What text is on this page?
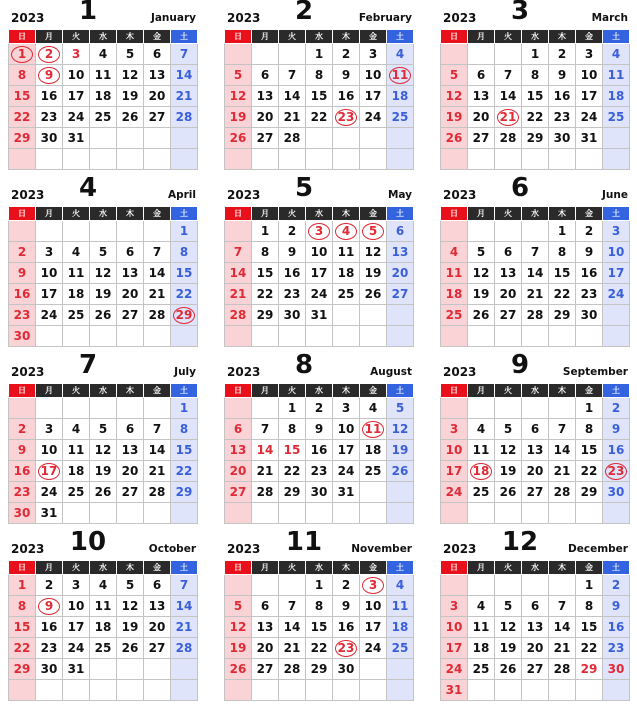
2023	1	January
日	月	火	水	木	金	土
1	2	3	4	5	6	7
8	9	10	11	12	13	14
15	16	17	18	19	20	21
22	23	24	25	26	27	28
29	30	31				

2023	2	February
日	月	火	水	木	金	土
			1	2	3	4
5	6	7	8	9	10	11
12	13	14	15	16	17	18
19	20	21	22	23	24	25
26	27	28				

2023	3	March
日	月	火	水	木	金	土
			1	2	3	4
5	6	7	8	9	10	11
12	13	14	15	16	17	18
19	20	21	22	23	24	25
26	27	28	29	30	31	

2023	4	April
日	月	火	水	木	金	土
						1
2	3	4	5	6	7	8
9	10	11	12	13	14	15
16	17	18	19	20	21	22
23	24	25	26	27	28	29
30						
2023	5	May
日	月	火	水	木	金	土
	1	2	3	4	5	6
7	8	9	10	11	12	13
14	15	16	17	18	19	20
21	22	23	24	25	26	27
28	29	30	31			

2023	6	June
日	月	火	水	木	金	土
				1	2	3
4	5	6	7	8	9	10
11	12	13	14	15	16	17
18	19	20	21	22	23	24
25	26	27	28	29	30	

2023	7	July
日	月	火	水	木	金	土
						1
2	3	4	5	6	7	8
9	10	11	12	13	14	15
16	17	18	19	20	21	22
23	24	25	26	27	28	29
30	31					
2023	8	August
日	月	火	水	木	金	土
		1	2	3	4	5
6	7	8	9	10	11	12
13	14	15	16	17	18	19
20	21	22	23	24	25	26
27	28	29	30	31		

2023	9	September
日	月	火	水	木	金	土
					1	2
3	4	5	6	7	8	9
10	11	12	13	14	15	16
17	18	19	20	21	22	23
24	25	26	27	28	29	30

2023 10	October
日	月	火	水	木	金	土
1	2	3	4	5	6	7
8	9	10	11	12	13	14
15	16	17	18	19	20	21
22	23	24	25	26	27	28
29	30	31				

2023 11	November
日	月	火	水	木	金	土
			1	2	3	4
5	6	7	8	9	10	11
12	13	14	15	16	17	18
19	20	21	22	23	24	25
26	27	28	29	30		

2023 12	December
日	月	火	水	木	金	土
					1	2
3	4	5	6	7	8	9
10	11	12	13	14	15	16
17	18	19	20	21	22	23
24	25	26	27	28	29	30
31						
